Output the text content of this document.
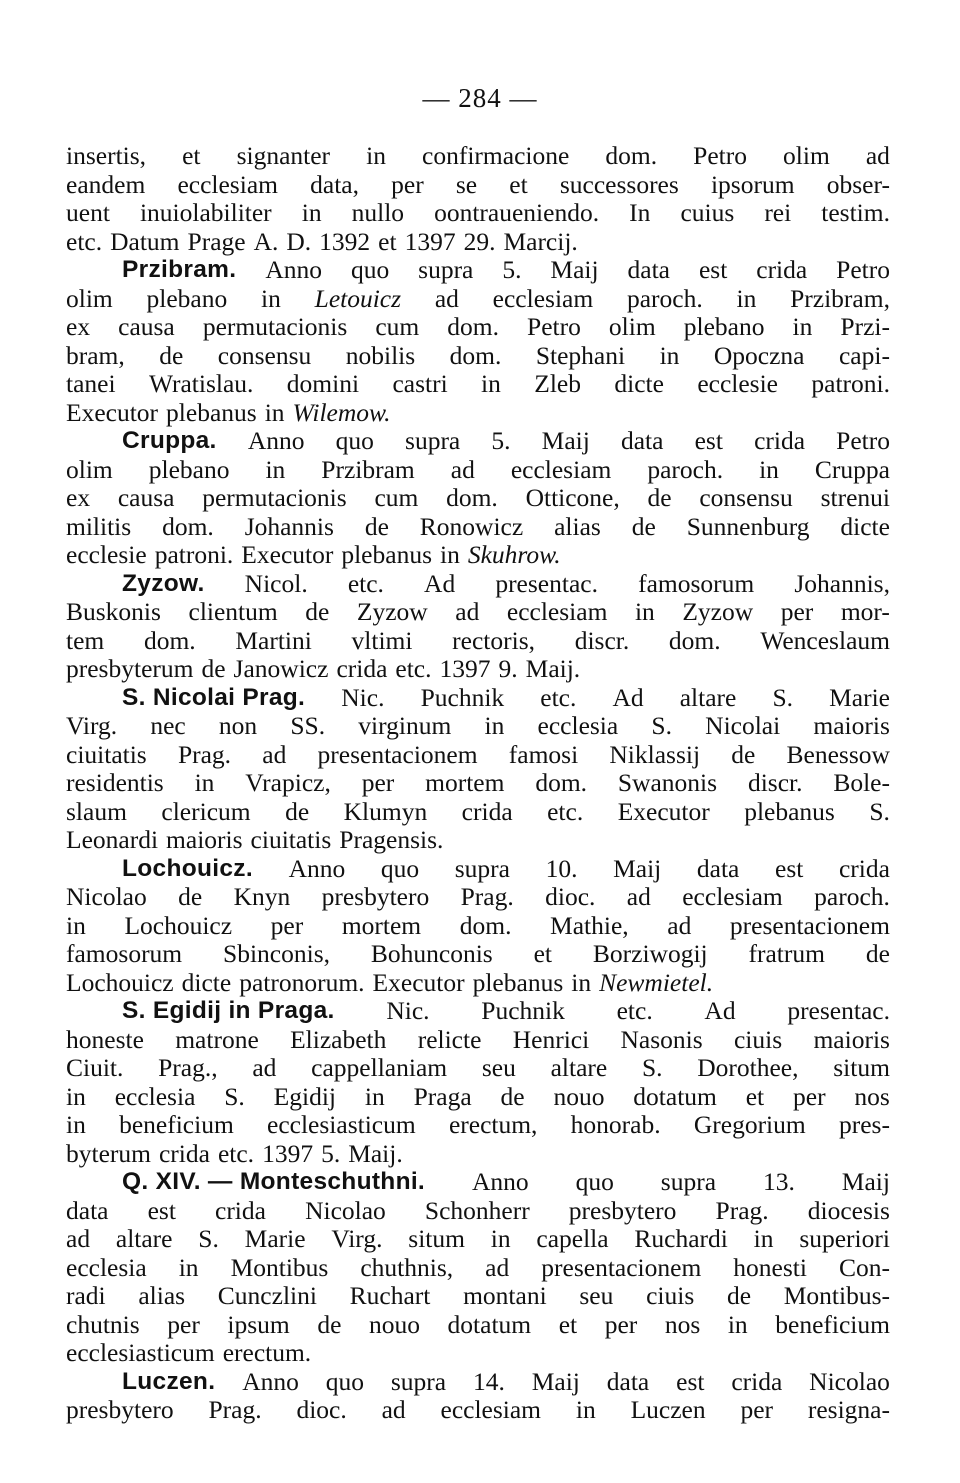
— 284 —
insertis, et signanter in confirmacione dom. Petro olim ad
eandem ecclesiam data, per se et successores ipsorum obser-
uent inuiolabiliter in nullo oontraueniendo. In cuius rei testim.
etc. Datum Prage A. D. 1392 et 1397 29. Marcij.
Przibram. Anno quo supra 5. Maij data est crida Petro
olim plebano in Letouicz ad ecclesiam paroch. in Przibram,
ex causa permutacionis cum dom. Petro olim plebano in Przi-
bram, de consensu nobilis dom. Stephani in Opoczna capi-
tanei Wratislau. domini castri in Zleb dicte ecclesie patroni.
Executor plebanus in Wilemow.
Cruppa. Anno quo supra 5. Maij data est crida Petro
olim plebano in Przibram ad ecclesiam paroch. in Cruppa
ex causa permutacionis cum dom. Otticone, de consensu strenui
militis dom. Johannis de Ronowicz alias de Sunnenburg dicte
ecclesie patroni. Executor plebanus in Skuhrow.
Zyzow. Nicol. etc. Ad presentac. famosorum Johannis,
Buskonis clientum de Zyzow ad ecclesiam in Zyzow per mor-
tem dom. Martini vltimi rectoris, discr. dom. Wenceslaum
presbyterum de Janowicz crida etc. 1397 9. Maij.
S. Nicolai Prag. Nic. Puchnik etc. Ad altare S. Marie
Virg. nec non SS. virginum in ecclesia S. Nicolai maioris
ciuitatis Prag. ad presentacionem famosi Niklassij de Benessow
residentis in Vrapicz, per mortem dom. Swanonis discr. Bole-
slaum clericum de Klumyn crida etc. Executor plebanus S.
Leonardi maioris ciuitatis Pragensis.
Lochouicz. Anno quo supra 10. Maij data est crida
Nicolao de Knyn presbytero Prag. dioc. ad ecclesiam paroch.
in Lochouicz per mortem dom. Mathie, ad presentacionem
famosorum Sbinconis, Bohunconis et Borziwogij fratrum de
Lochouicz dicte patronorum. Executor plebanus in Newmietel.
S. Egidij in Praga. Nic. Puchnik etc. Ad presentac.
honeste matrone Elizabeth relicte Henrici Nasonis ciuis maioris
Ciuit. Prag., ad cappellaniam seu altare S. Dorothee, situm
in ecclesia S. Egidij in Praga de nouo dotatum et per nos
in beneficium ecclesiasticum erectum, honorab. Gregorium pres-
byterum crida etc. 1397 5. Maij.
Q. XIV. — Monteschuthni. Anno quo supra 13. Maij
data est crida Nicolao Schonherr presbytero Prag. diocesis
ad altare S. Marie Virg. situm in capella Ruchardi in superiori
ecclesia in Montibus chuthnis, ad presentacionem honesti Con-
radi alias Cunczlini Ruchart montani seu ciuis de Montibus-
chutnis per ipsum de nouo dotatum et per nos in beneficium
ecclesiasticum erectum.
Luczen. Anno quo supra 14. Maij data est crida Nicolao
presbytero Prag. dioc. ad ecclesiam in Luczen per resigna-
